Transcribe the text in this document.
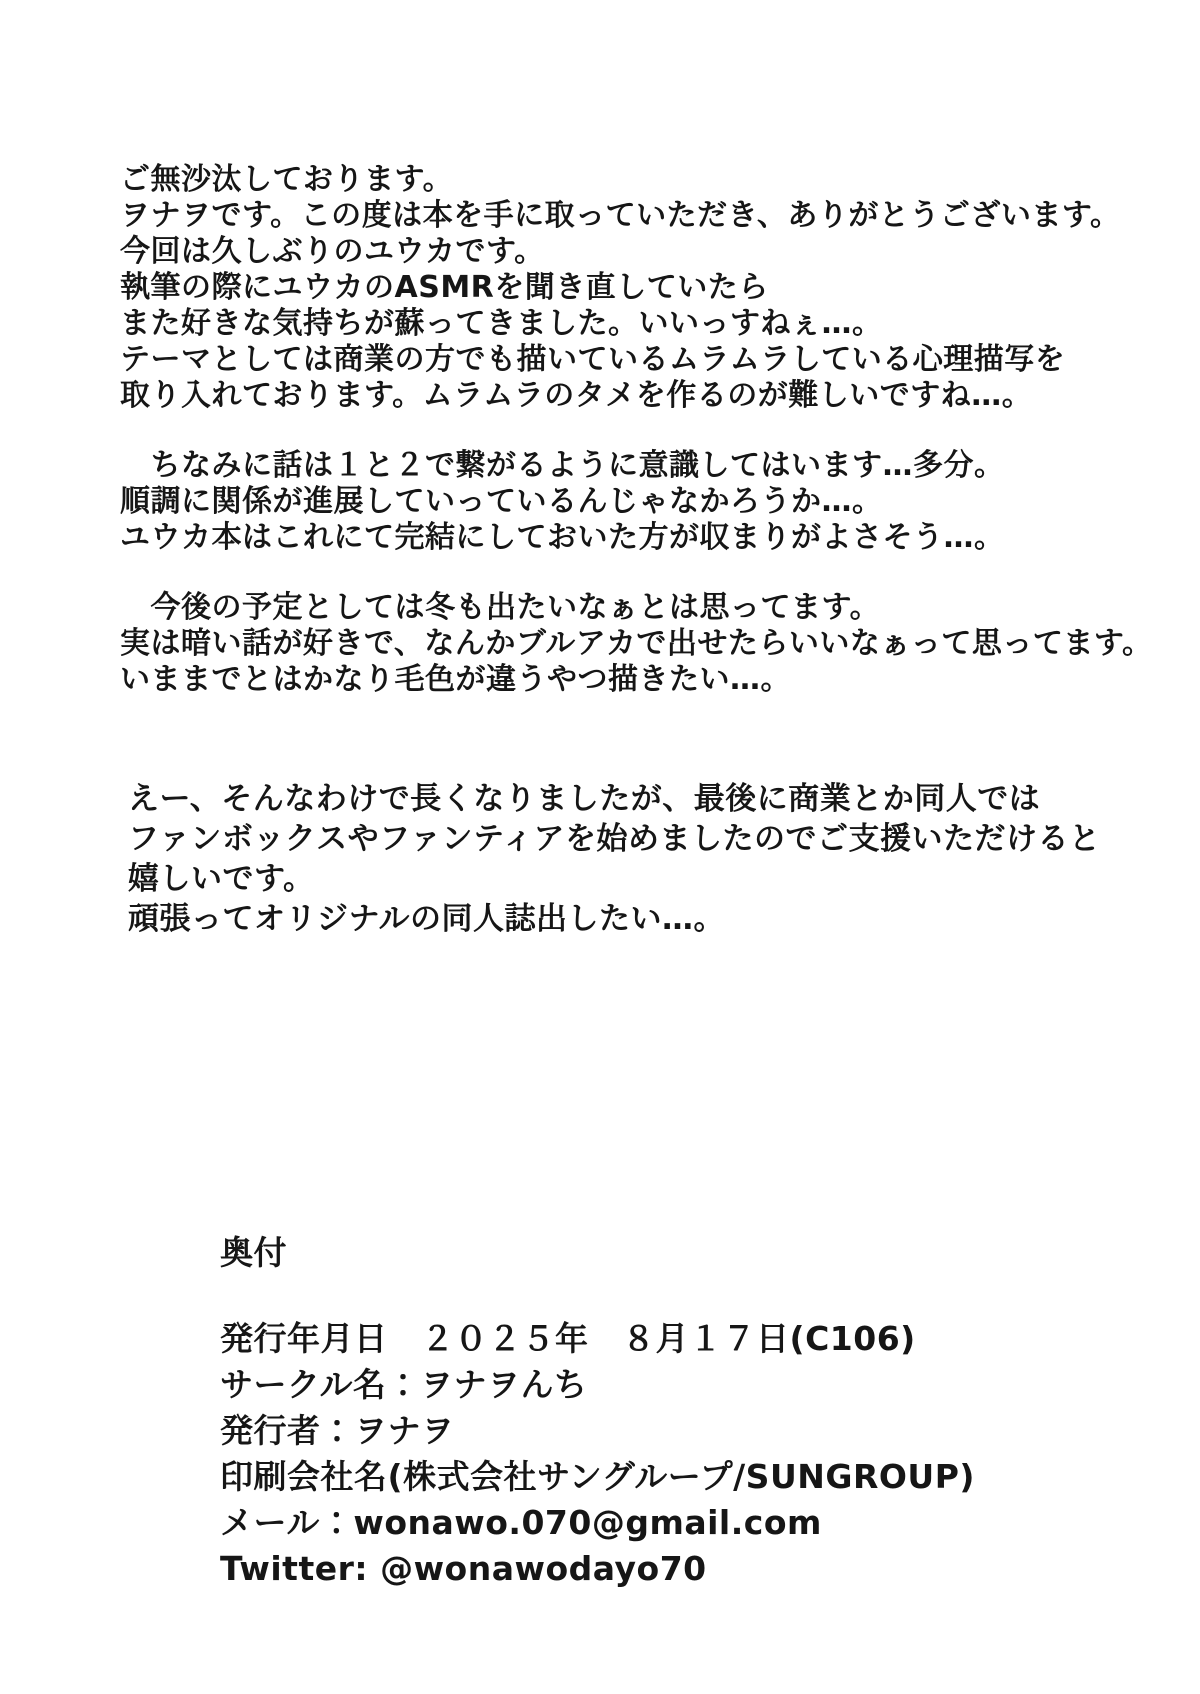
ご無沙汰しております。
ヲナヲです。この度は本を手に取っていただき、ありがとうございます。
今回は久しぶりのユウカです。
執筆の際にユウカのASMRを聞き直していたら
また好きな気持ちが蘇ってきました。いいっすねぇ…。
テーマとしては商業の方でも描いているムラムラしている心理描写を
取り入れております。ムラムラのタメを作るのが難しいですね…。
　ちなみに話は１と２で繋がるように意識してはいます…多分。
順調に関係が進展していっているんじゃなかろうか…。
ユウカ本はこれにて完結にしておいた方が収まりがよさそう…。
　今後の予定としては冬も出たいなぁとは思ってます。
実は暗い話が好きで、なんかブルアカで出せたらいいなぁって思ってます。
いままでとはかなり毛色が違うやつ描きたい…。
えー、そんなわけで長くなりましたが、最後に商業とか同人では
ファンボックスやファンティアを始めましたのでご支援いただけると
嬉しいです。
頑張ってオリジナルの同人誌出したい…。
奥付
発行年月日　２０２５年　８月１７日(C106)
サークル名：ヲナヲんち
発行者：ヲナヲ
印刷会社名(株式会社サングループ/SUNGROUP)
メール：wonawo.070@gmail.com
Twitter: @wonawodayo70
